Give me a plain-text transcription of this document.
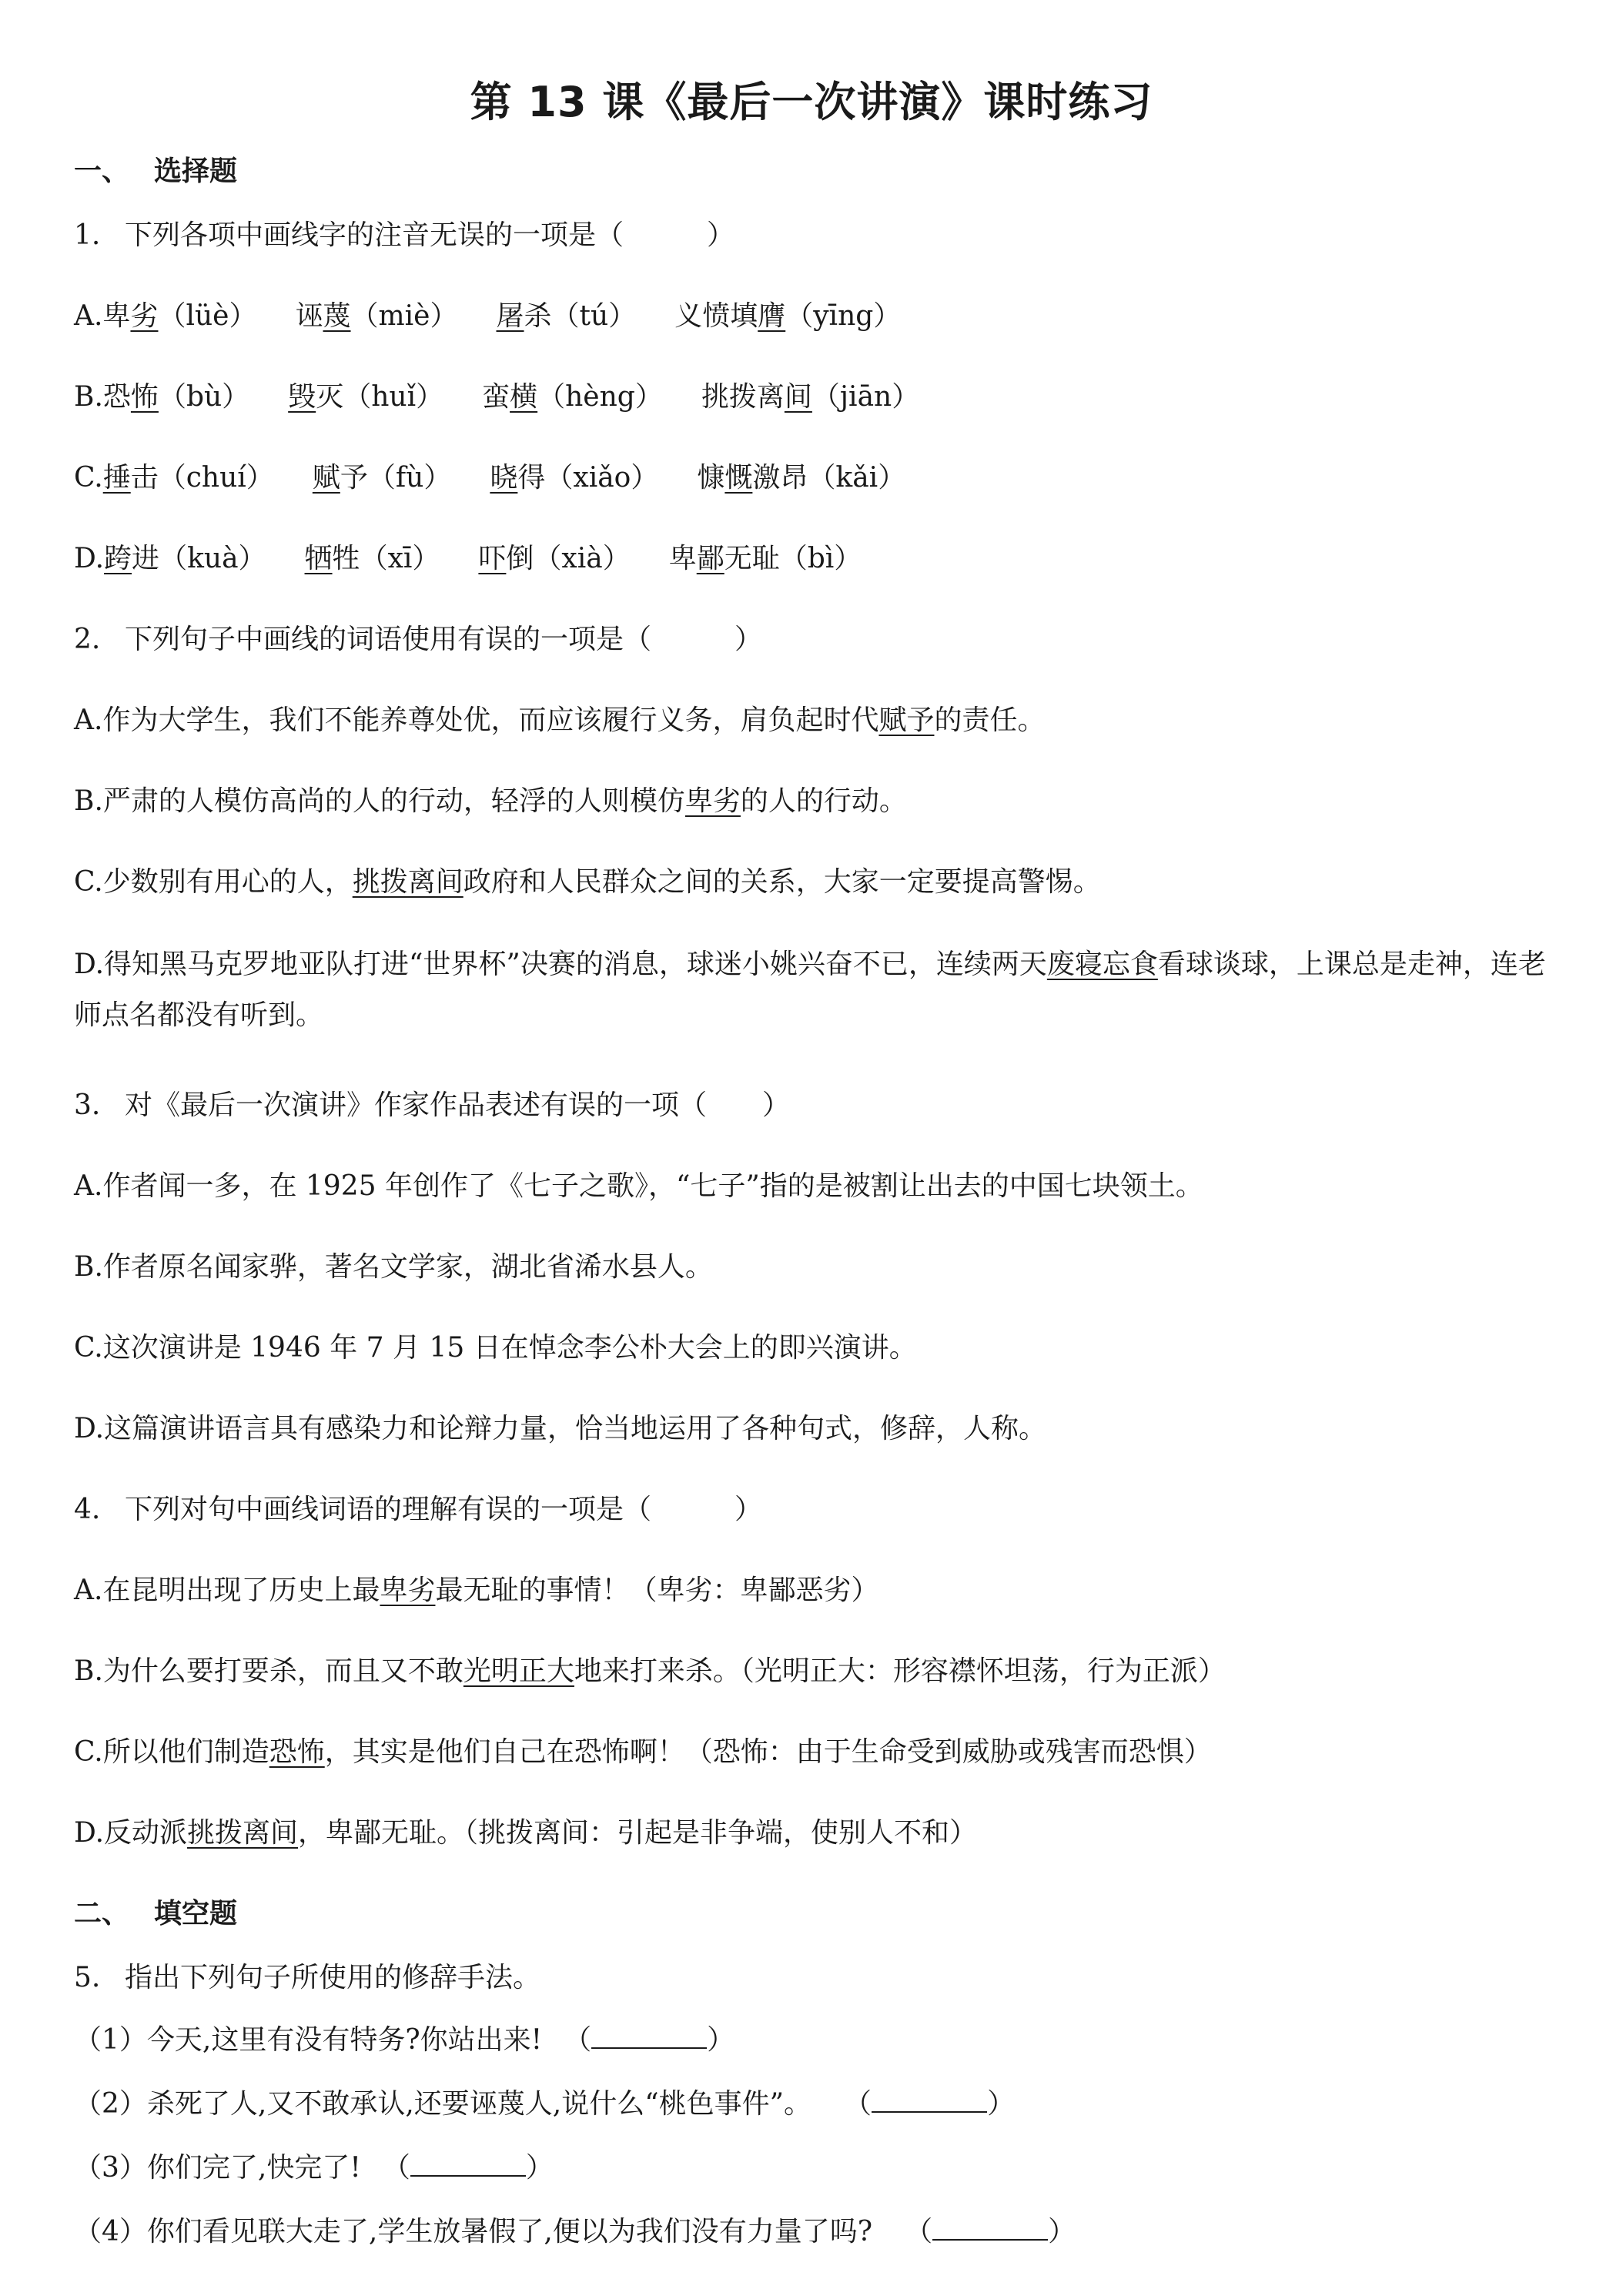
第 13 课《最后一次讲演》课时练习
一、 选择题
1. 下列各项中画线字的注音无误的一项是（　　　）
A.卑劣（lüè） 诬蔑（miè） 屠杀（tú） 义愤填膺（yīng）
B.恐怖（bù） 毁灭（huǐ） 蛮横（hèng） 挑拨离间（jiān）
C.捶击（chuí） 赋予（fù） 晓得（xiǎo） 慷慨激昂（kǎi）
D.跨进（kuà） 牺牲（xī） 吓倒（xià） 卑鄙无耻（bì）
2. 下列句子中画线的词语使用有误的一项是（　　　）
A.作为大学生，我们不能养尊处优，而应该履行义务，肩负起时代赋予的责任。
B.严肃的人模仿高尚的人的行动，轻浮的人则模仿卑劣的人的行动。
C.少数别有用心的人，挑拨离间政府和人民群众之间的关系，大家一定要提高警惕。
D.得知黑马克罗地亚队打进“世界杯”决赛的消息，球迷小姚兴奋不已，连续两天废寝忘食看球谈球，上课总是走神，连老师点名都没有听到。
3. 对《最后一次演讲》作家作品表述有误的一项（　　）
A.作者闻一多，在 1925 年创作了《七子之歌》，“七子”指的是被割让出去的中国七块领土。
B.作者原名闻家骅，著名文学家，湖北省浠水县人。
C.这次演讲是 1946 年 7 月 15 日在悼念李公朴大会上的即兴演讲。
D.这篇演讲语言具有感染力和论辩力量，恰当地运用了各种句式，修辞，人称。
4. 下列对句中画线词语的理解有误的一项是（　　　）
A.在昆明出现了历史上最卑劣最无耻的事情！（卑劣：卑鄙恶劣）
B.为什么要打要杀，而且又不敢光明正大地来打来杀。（光明正大：形容襟怀坦荡，行为正派）
C.所以他们制造恐怖，其实是他们自己在恐怖啊！（恐怖：由于生命受到威胁或残害而恐惧）
D.反动派挑拨离间，卑鄙无耻。（挑拨离间：引起是非争端，使别人不和）
二、 填空题
5. 指出下列句子所使用的修辞手法。
（1）今天,这里有没有特务?你站出来! （	）
（2）杀死了人,又不敢承认,还要诬蔑人,说什么“桃色事件”。 （	）
（3）你们完了,快完了! （	）
（4）你们看见联大走了,学生放暑假了,便以为我们没有力量了吗? （	）
